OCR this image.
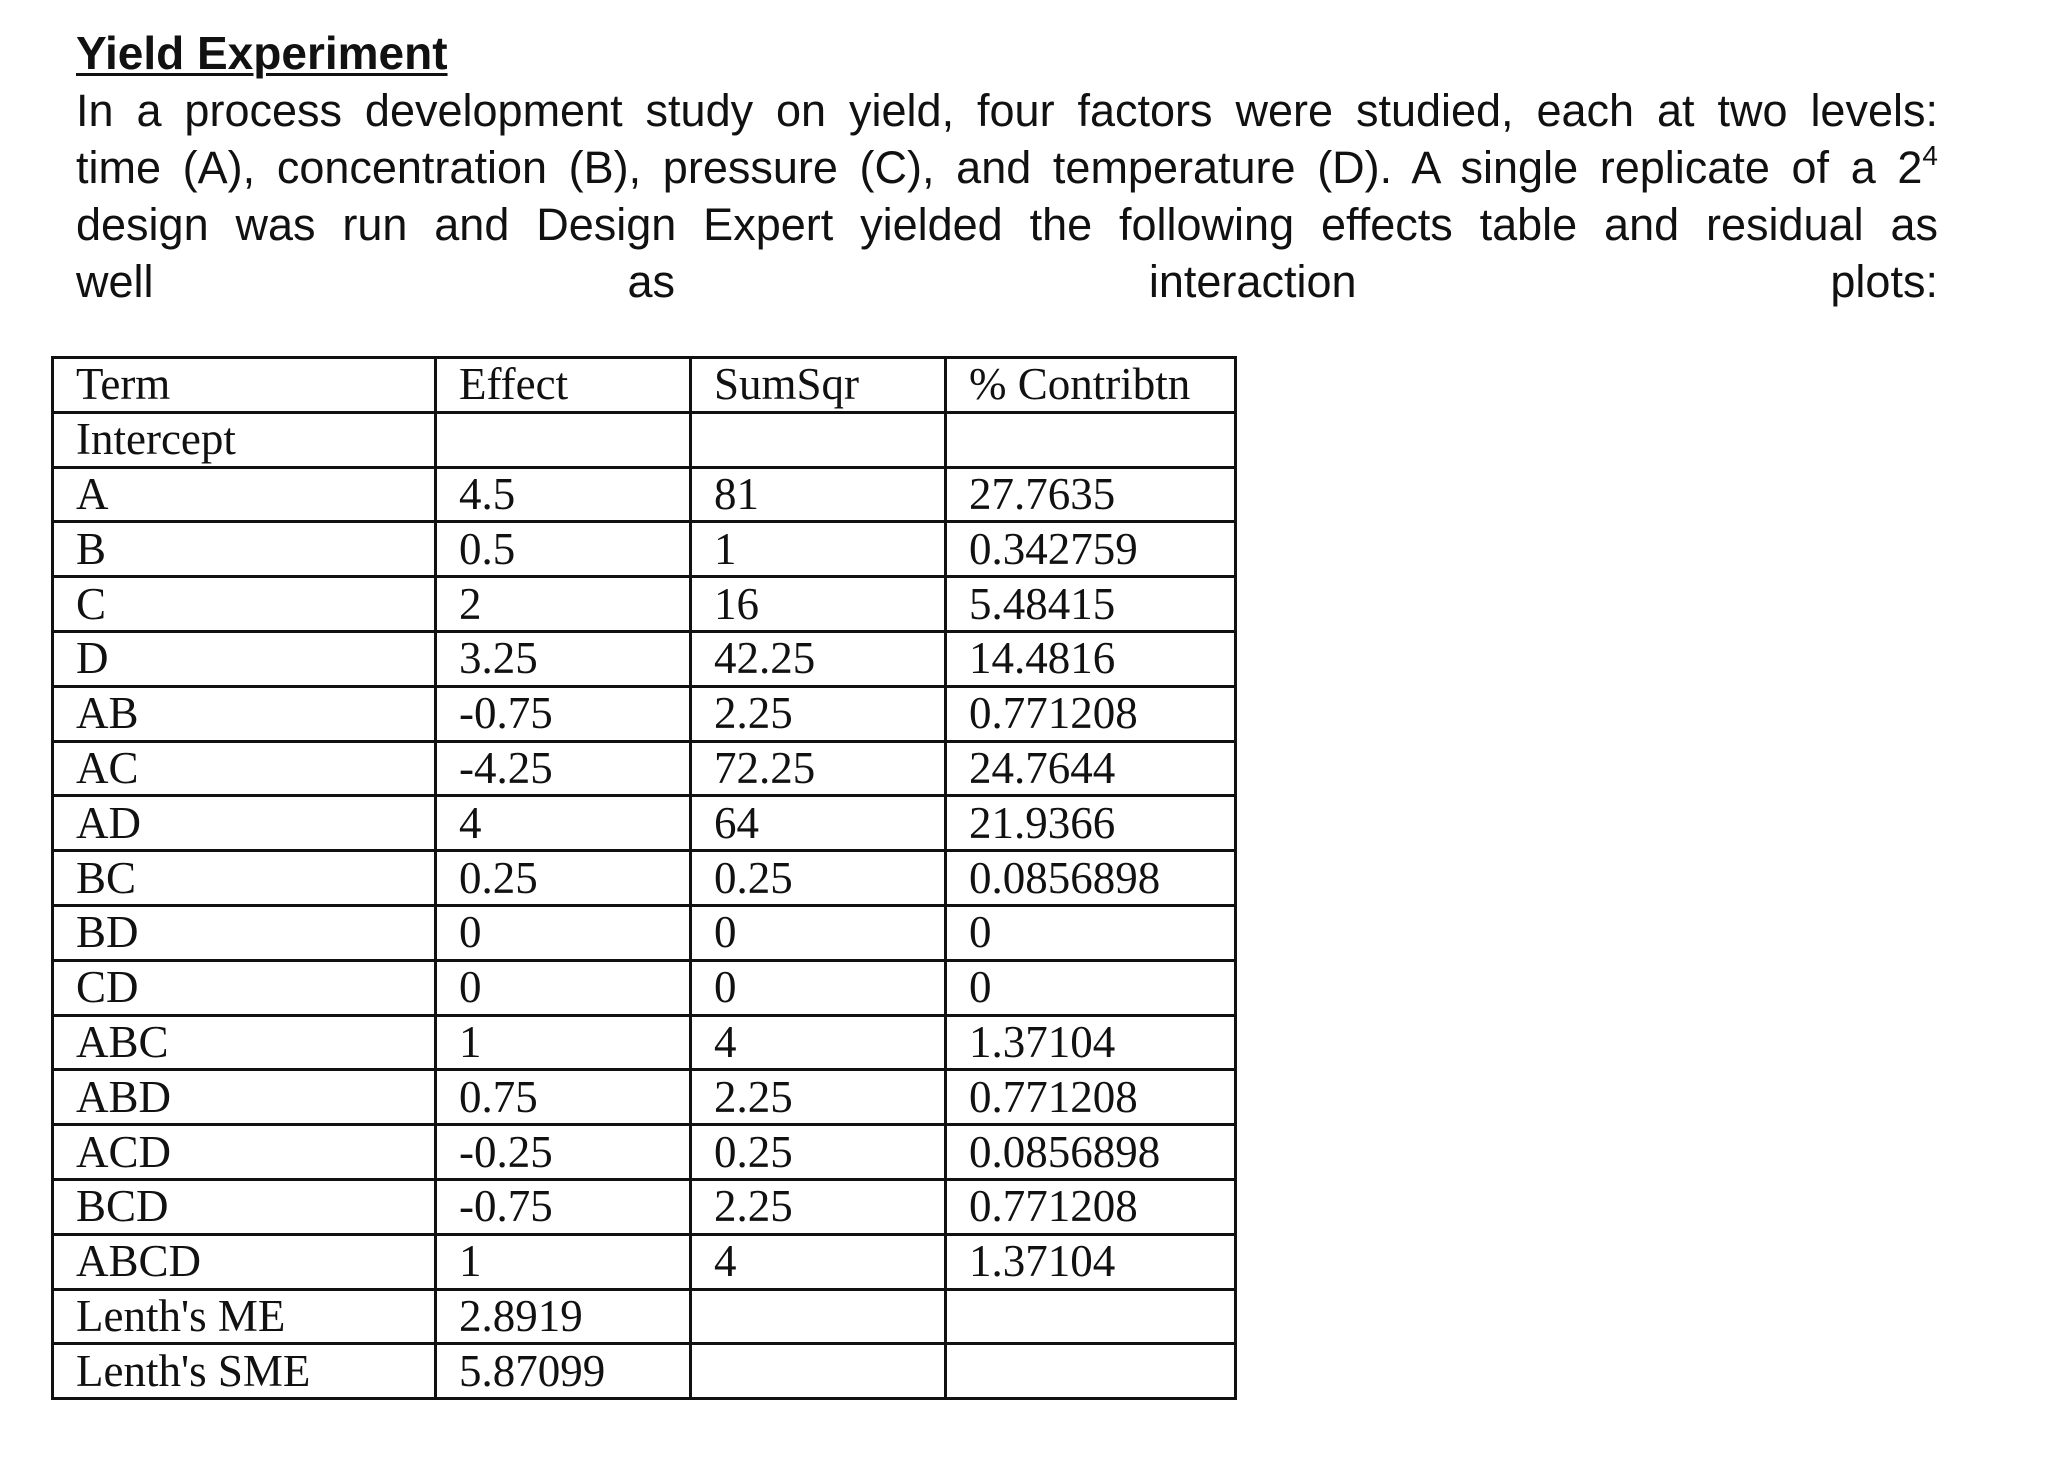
Yield Experiment
In a process development study on yield, four factors were studied, each at two levels:
time (A), concentration (B), pressure (C), and temperature (D). A single replicate of a $2^4$
design was run and Design Expert yielded the following effects table and residual as
well	as	interaction	plots:
Term	Effect	SumSqr	% Contribtn
Intercept			
A	4.5	81	27.7635
B	0.5	1	0.342759
C	2	16	5.48415
D	3.25	42.25	14.4816
AB	-0.75	2.25	0.771208
AC	-4.25	72.25	24.7644
AD	4	64	21.9366
BC	0.25	0.25	0.0856898
BD	0	0	0
CD	0	0	0
ABC	1	4	1.37104
ABD	0.75	2.25	0.771208
ACD	-0.25	0.25	0.0856898
BCD	-0.75	2.25	0.771208
ABCD	1	4	1.37104
Lenth's ME	2.8919		
Lenth's SME	5.87099		
